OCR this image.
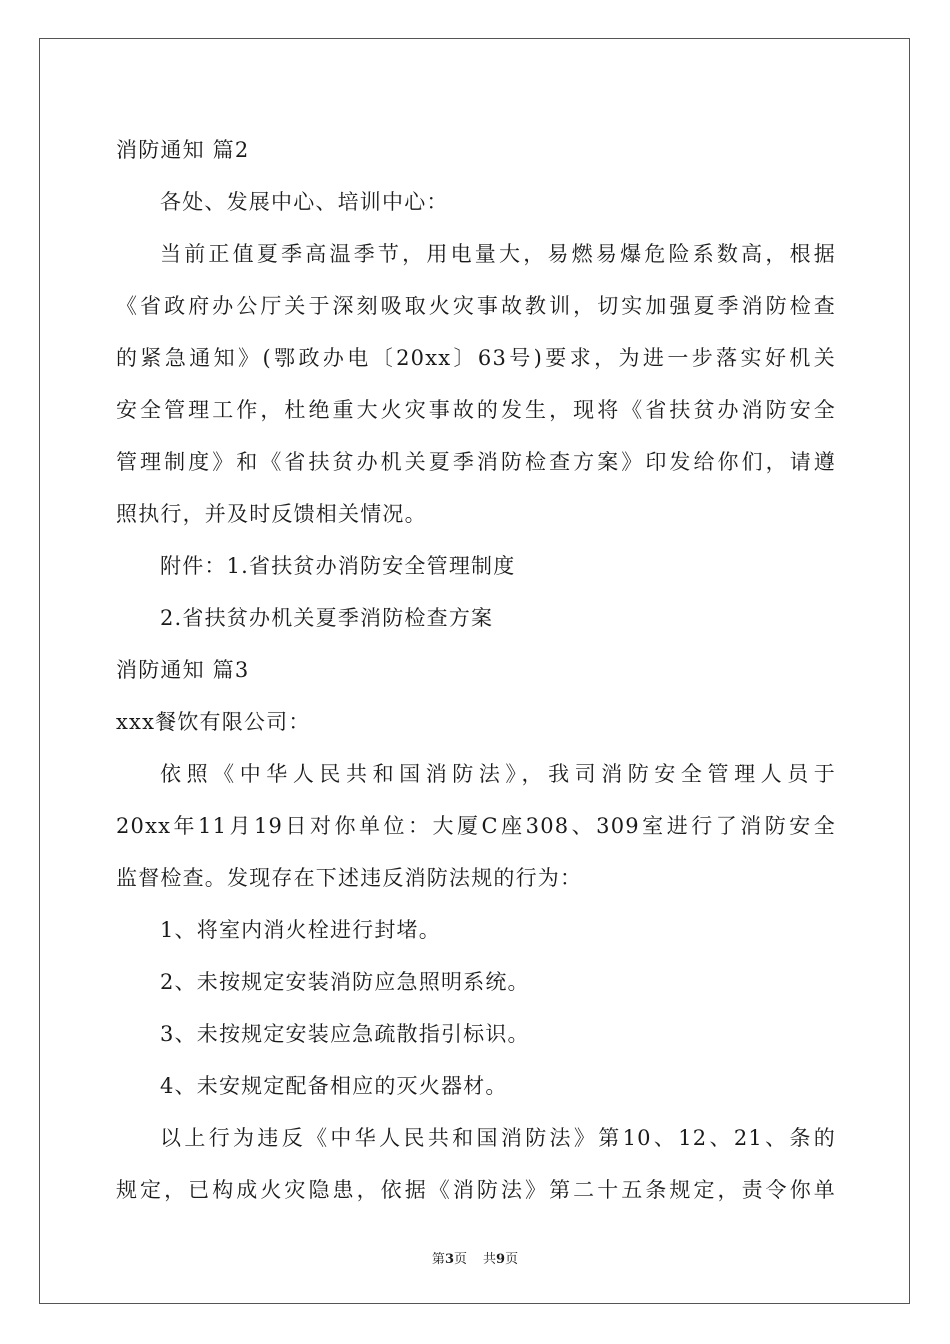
消防通知 篇2
各处、发展中心、培训中心：
当前正值夏季高温季节，用电量大，易燃易爆危险系数高，根据
《省政府办公厅关于深刻吸取火灾事故教训，切实加强夏季消防检查
的紧急通知》(鄂政办电〔20xx〕63号)要求，为进一步落实好机关
安全管理工作，杜绝重大火灾事故的发生，现将《省扶贫办消防安全
管理制度》和《省扶贫办机关夏季消防检查方案》印发给你们，请遵
照执行，并及时反馈相关情况。
附件：1.省扶贫办消防安全管理制度
2.省扶贫办机关夏季消防检查方案
消防通知 篇3
xxx餐饮有限公司：
依照《中华人民共和国消防法》，我司消防安全管理人员于
20xx年11月19日对你单位：大厦C座308、309室进行了消防安全
监督检查。发现存在下述违反消防法规的行为：
1、将室内消火栓进行封堵。
2、未按规定安装消防应急照明系统。
3、未按规定安装应急疏散指引标识。
4、未安规定配备相应的灭火器材。
以上行为违反《中华人民共和国消防法》第10、12、21、条的
规定，已构成火灾隐患，依据《消防法》第二十五条规定，责令你单
第3页 共9页
